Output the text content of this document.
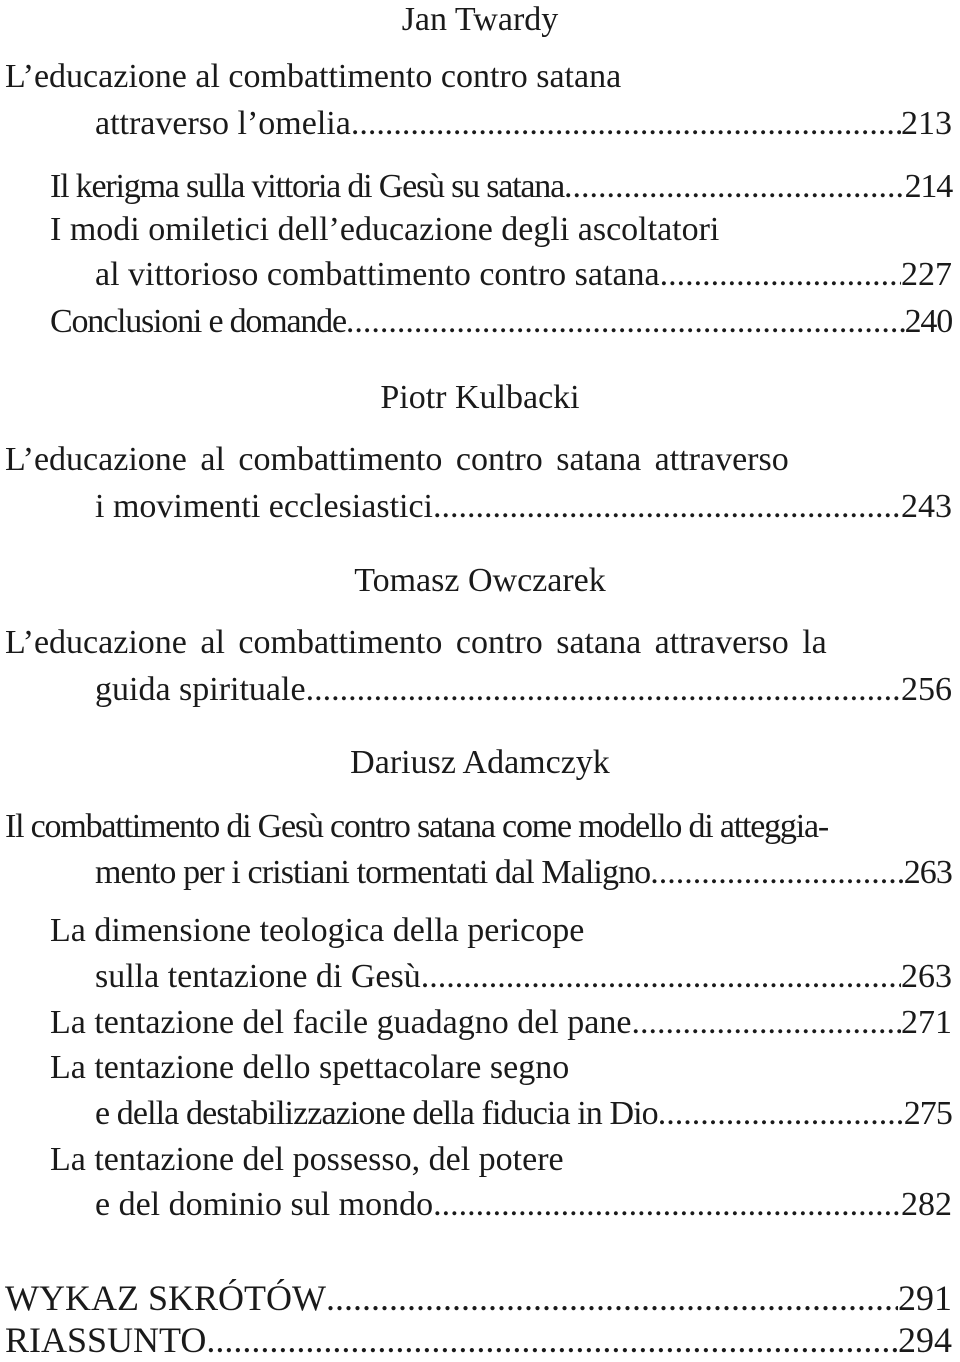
Jan Twardy
L’educazione al combattimento contro satana
attraverso l’omelia .....	213
Il kerigma sulla vittoria di Gesù su satana .....	214
I modi omiletici dell’educazione degli ascoltatori
al vittorioso combattimento contro satana .....	227
Conclusioni e domande .....	240
Piotr Kulbacki
L’educazione al combattimento contro satana attraverso
i movimenti ecclesiastici .....	243
Tomasz Owczarek
L’educazione al combattimento contro satana attraverso la
guida spirituale .....	256
Dariusz Adamczyk
Il combattimento di Gesù contro satana come modello di atteggia-
mento per i cristiani tormentati dal Maligno .....	263
La dimensione teologica della pericope
sulla tentazione di Gesù .....	263
La tentazione del facile guadagno del pane .....	271
La tentazione dello spettacolare segno
e della destabilizzazione della fiducia in Dio .....	275
La tentazione del possesso, del potere
e del dominio sul mondo .....	282
WYKAZ SKRÓTÓW .....	291
RIASSUNTO .....	294
